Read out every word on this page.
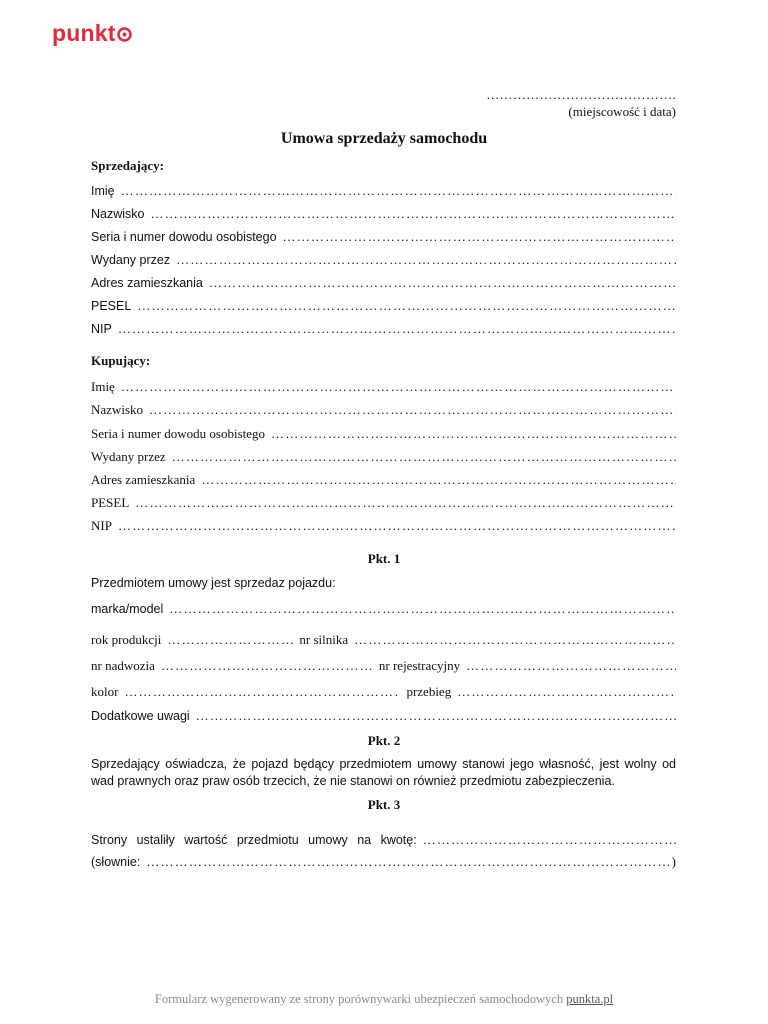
punkt
…………………………………….
(miejscowość i data)
Umowa sprzedaży samochodu
Sprzedający:
Imię
…………………………………………………………………………………………………………………………………………
Nazwisko
…………………………………………………………………………………………………………………………………………
Seria i numer dowodu osobistego
…………………………………………………………………………………………………………………………………………
Wydany przez
…………………………………………………………………………………………………………………………………………
Adres zamieszkania
…………………………………………………………………………………………………………………………………………
PESEL
…………………………………………………………………………………………………………………………………………
NIP
…………………………………………………………………………………………………………………………………………
Kupujący:
Imię
…………………………………………………………………………………………………………………………………………
Nazwisko
…………………………………………………………………………………………………………………………………………
Seria i numer dowodu osobistego
…………………………………………………………………………………………………………………………………………
Wydany przez
…………………………………………………………………………………………………………………………………………
Adres zamieszkania
…………………………………………………………………………………………………………………………………………
PESEL
…………………………………………………………………………………………………………………………………………
NIP
…………………………………………………………………………………………………………………………………………
Pkt. 1
Przedmiotem umowy jest sprzedaz pojazdu:
marka/model
…………………………………………………………………………………………………………………………………………
rok produkcji …………………………………………………………………………………………………………………………………………	nr silnika
…………………………………………………………………………………………………………………………………………
nr nadwozia …………………………………………………………………………………………………………………………………………	nr rejestracyjny
…………………………………………………………………………………………………………………………………………
kolor …………………………………………………………………………………………………………………………………………	przebieg
…………………………………………………………………………………………………………………………………………
Dodatkowe uwagi
…………………………………………………………………………………………………………………………………………
Pkt. 2
Sprzedający oświadcza, że pojazd będący przedmiotem umowy stanowi jego własność, jest wolny od wad prawnych oraz praw osób trzecich, że nie stanowi on również przedmiotu zabezpieczenia.
Pkt. 3
Strony ustaliły wartość przedmiotu umowy na kwotę:
…………………………………………………………………………………………………………………………………………
(słownie: …………………………………………………………………………………………………………………………………………	)
Formularz wygenerowany ze strony porównywarki ubezpieczeń samochodowych punkta.pl
